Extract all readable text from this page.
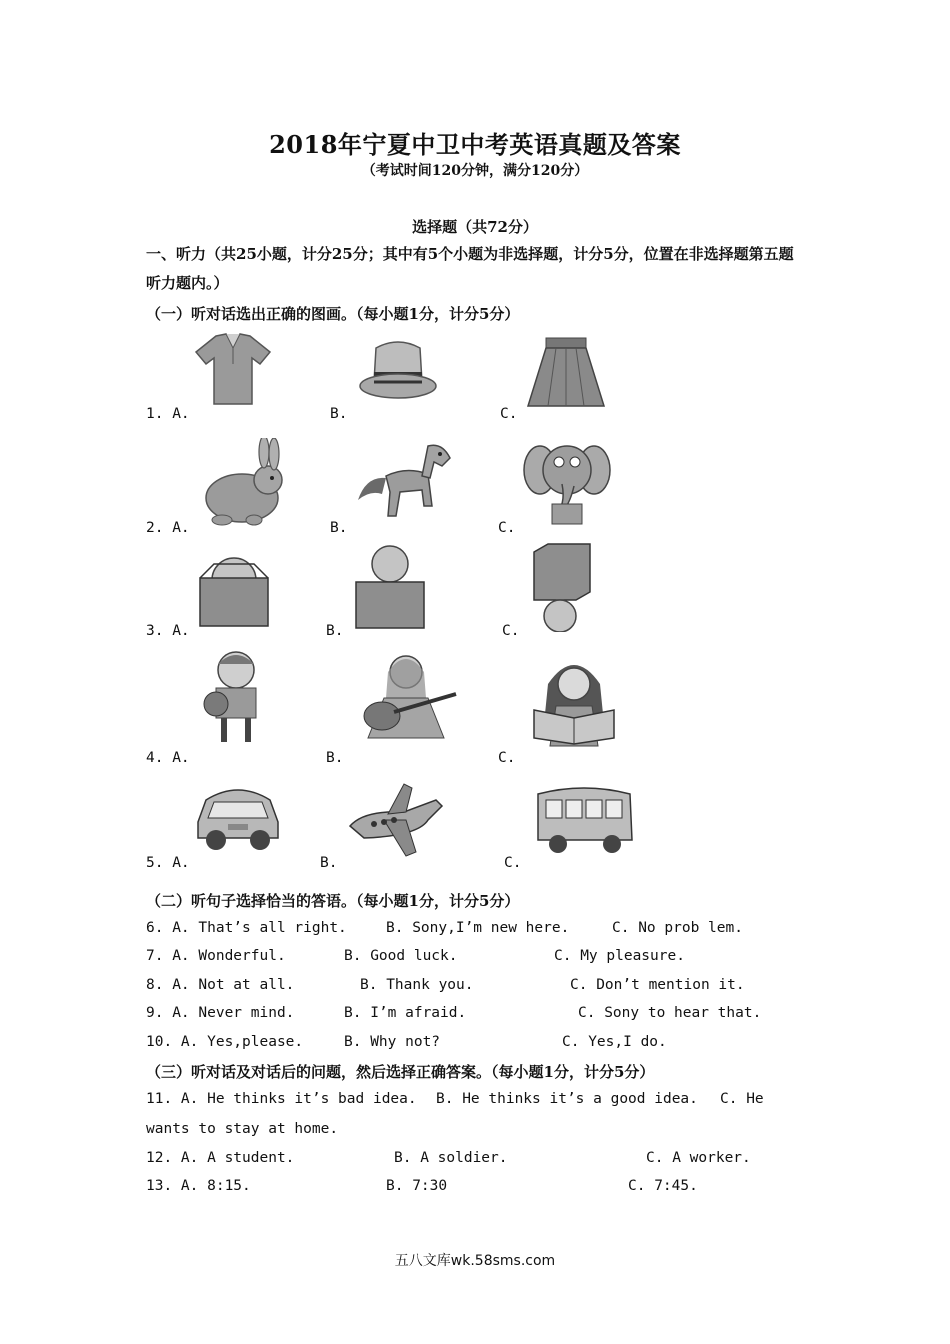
2018年宁夏中卫中考英语真题及答案
（考试时间120分钟，满分120分）
选择题（共72分）
一、听力（共25小题，计分25分；其中有5个小题为非选择题，计分5分，位置在非选择题第五题听力题内。）
（一）听对话选出正确的图画。（每小题1分，计分5分）
1. A.	B.	C.
2. A.	B.	C.
3. A.	B.	C.
4. A.	B.	C.
5. A.	B.	C.
（二）听句子选择恰当的答语。（每小题1分，计分5分）
6. A. That’s all right.	B. Sony,I’m new here.	C. No prob lem.
7. A. Wonderful.	B. Good luck.	C. My pleasure.
8. A. Not at all.	B. Thank you.	C. Don’t mention it.
9. A. Never mind.	B. I’m afraid.	C. Sony to hear that.
10. A. Yes,please.	B. Why not?	C. Yes,I do.
（三）听对话及对话后的问题，然后选择正确答案。（每小题1分，计分5分）
11. A. He thinks it’s bad idea. B. He thinks it’s a good idea. C. He
wants to stay at home.
12. A. A student.	B. A soldier.	C. A worker.
13. A. 8:15.	B. 7:30	C. 7:45.
五八文库wk.58sms.com
